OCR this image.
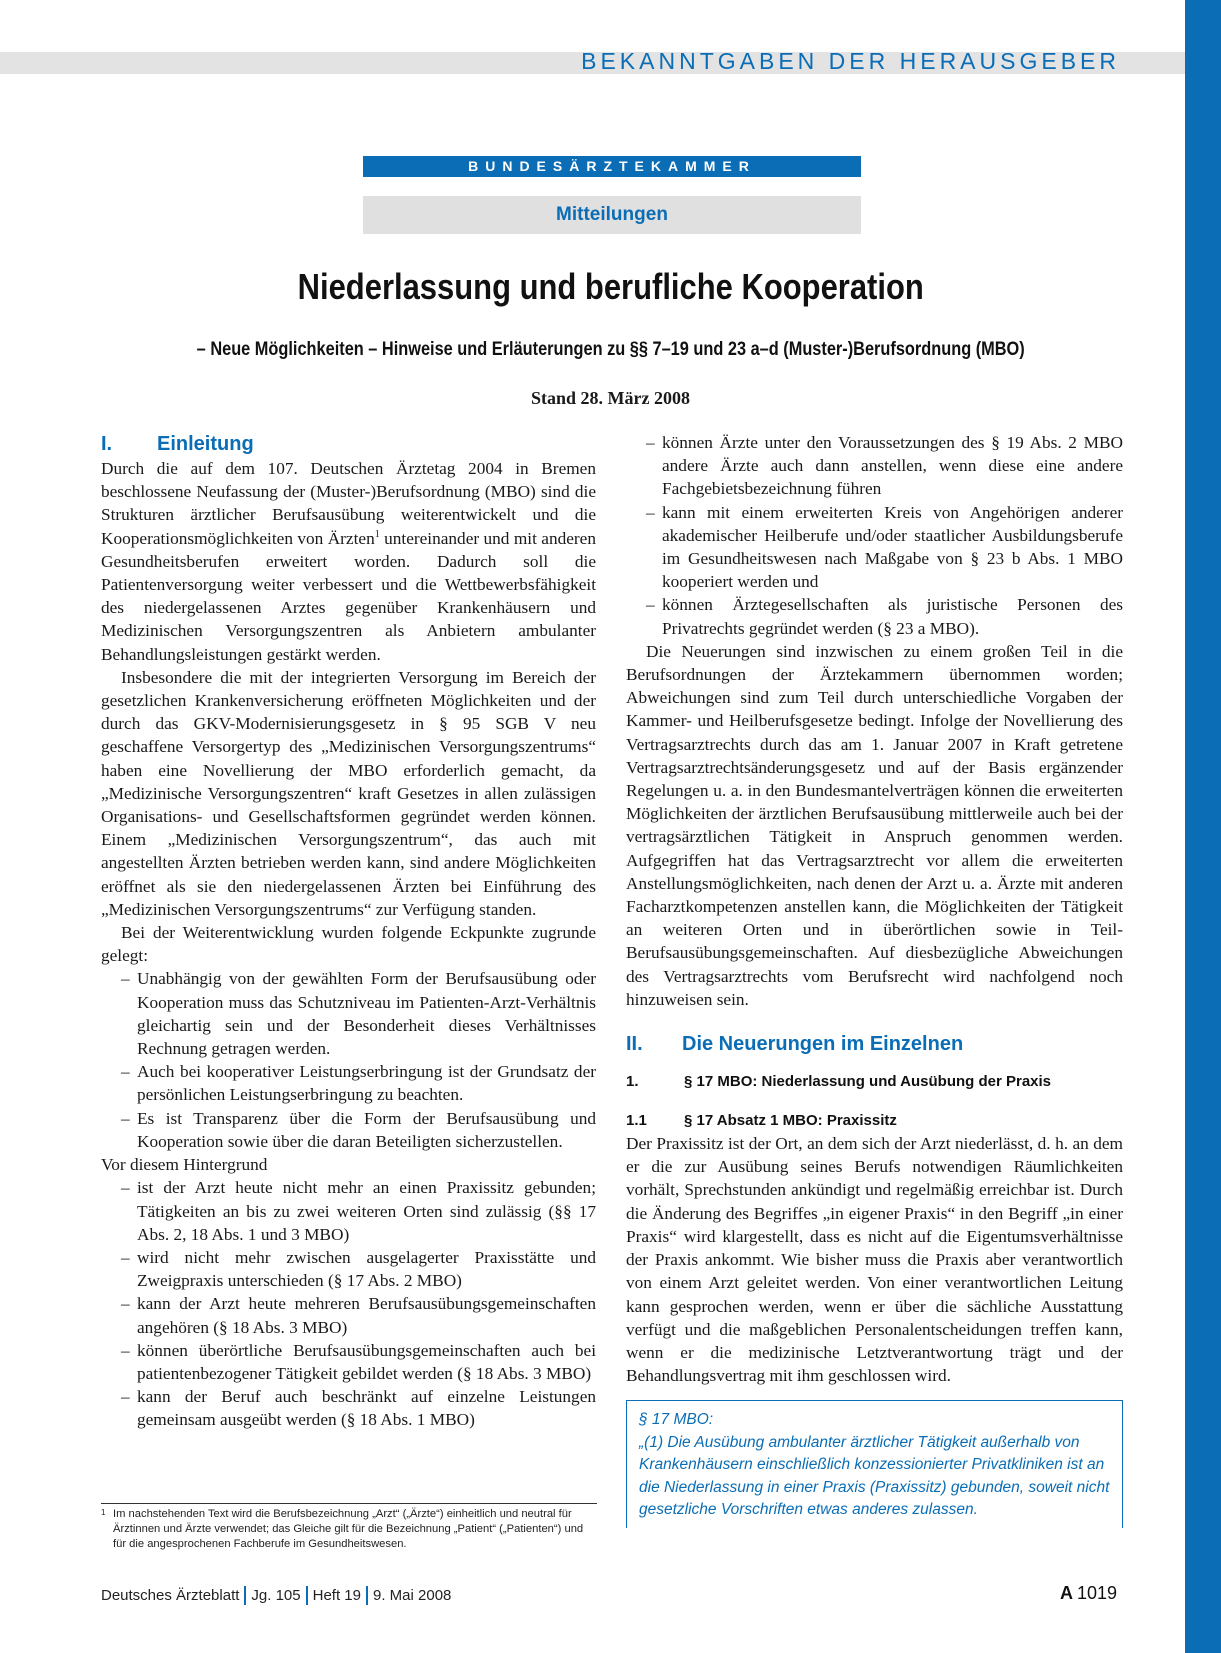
BEKANNTGABEN DER HERAUSGEBER
BUNDESÄRZTEKAMMER
Mitteilungen
Niederlassung und berufliche Kooperation
– Neue Möglichkeiten – Hinweise und Erläuterungen zu §§ 7–19 und 23 a–d (Muster-)Berufsordnung (MBO)
Stand 28. März 2008
I.	Einleitung

Durch die auf dem 107. Deutschen Ärztetag 2004 in Bremen beschlossene Neufassung der (Muster-)Berufsordnung (MBO) sind die Strukturen ärztlicher Berufsausübung weiterentwickelt und die Kooperationsmöglichkeiten von Ärzten$^1$ untereinander und mit anderen Gesundheitsberufen erweitert worden. Dadurch soll die Patientenversorgung weiter verbessert und die Wettbewerbsfähigkeit des niedergelassenen Arztes gegenüber Krankenhäusern und Medizinischen Versorgungszentren als Anbietern ambulanter Behandlungsleistungen gestärkt werden.

Insbesondere die mit der integrierten Versorgung im Bereich der gesetzlichen Krankenversicherung eröffneten Möglichkeiten und der durch das GKV-Modernisierungsgesetz in § 95 SGB V neu geschaffene Versorgertyp des „Medizinischen Versorgungszentrums“ haben eine Novellierung der MBO erforderlich gemacht, da „Medizinische Versorgungszentren“ kraft Gesetzes in allen zulässigen Organisations- und Gesellschaftsformen gegründet werden können. Einem „Medizinischen Versorgungszentrum“, das auch mit angestellten Ärzten betrieben werden kann, sind andere Möglichkeiten eröffnet als sie den niedergelassenen Ärzten bei Einführung des „Medizinischen Versorgungszentrums“ zur Verfügung standen.

Bei der Weiterentwicklung wurden folgende Eckpunkte zugrunde gelegt:

– Unabhängig von der gewählten Form der Berufsausübung oder Kooperation muss das Schutzniveau im Patienten-Arzt-Verhältnis gleichartig sein und der Besonderheit dieses Verhältnisses Rechnung getragen werden.
– Auch bei kooperativer Leistungserbringung ist der Grundsatz der persönlichen Leistungserbringung zu beachten.
– Es ist Transparenz über die Form der Berufsausübung und Kooperation sowie über die daran Beteiligten sicherzustellen.

Vor diesem Hintergrund

– ist der Arzt heute nicht mehr an einen Praxissitz gebunden; Tätigkeiten an bis zu zwei weiteren Orten sind zulässig (§§ 17 Abs. 2, 18 Abs. 1 und 3 MBO)
– wird nicht mehr zwischen ausgelagerter Praxisstätte und Zweigpraxis unterschieden (§ 17 Abs. 2 MBO)
– kann der Arzt heute mehreren Berufsausübungsgemeinschaften angehören (§ 18 Abs. 3 MBO)
– können überörtliche Berufsausübungsgemeinschaften auch bei patientenbezogener Tätigkeit gebildet werden (§ 18 Abs. 3 MBO)
– kann der Beruf auch beschränkt auf einzelne Leistungen gemeinsam ausgeübt werden (§ 18 Abs. 1 MBO)
– können Ärzte unter den Voraussetzungen des § 19 Abs. 2 MBO andere Ärzte auch dann anstellen, wenn diese eine andere Fachgebietsbezeichnung führen
– kann mit einem erweiterten Kreis von Angehörigen anderer akademischer Heilberufe und/oder staatlicher Ausbildungsberufe im Gesundheitswesen nach Maßgabe von § 23 b Abs. 1 MBO kooperiert werden und
– können Ärztegesellschaften als juristische Personen des Privatrechts gegründet werden (§ 23 a MBO).

Die Neuerungen sind inzwischen zu einem großen Teil in die Berufsordnungen der Ärztekammern übernommen worden; Abweichungen sind zum Teil durch unterschiedliche Vorgaben der Kammer- und Heilberufsgesetze bedingt. Infolge der Novellierung des Vertragsarztrechts durch das am 1. Januar 2007 in Kraft getretene Vertragsarztrechtsänderungsgesetz und auf der Basis ergänzender Regelungen u. a. in den Bundesmantelverträgen können die erweiterten Möglichkeiten der ärztlichen Berufsausübung mittlerweile auch bei der vertragsärztlichen Tätigkeit in Anspruch genommen werden. Aufgegriffen hat das Vertragsarztrecht vor allem die erweiterten Anstellungsmöglichkeiten, nach denen der Arzt u. a. Ärzte mit anderen Facharztkompetenzen anstellen kann, die Möglichkeiten der Tätigkeit an weiteren Orten und in überörtlichen sowie in Teil-Berufsausübungsgemeinschaften. Auf diesbezügliche Abweichungen des Vertragsarztrechts vom Berufsrecht wird nachfolgend noch hinzuweisen sein.

II.	Die Neuerungen im Einzelnen
1.	§ 17 MBO: Niederlassung und Ausübung der Praxis
1.1	§ 17 Absatz 1 MBO: Praxissitz

Der Praxissitz ist der Ort, an dem sich der Arzt niederlässt, d. h. an dem er die zur Ausübung seines Berufs notwendigen Räumlichkeiten vorhält, Sprechstunden ankündigt und regelmäßig erreichbar ist. Durch die Änderung des Begriffes „in eigener Praxis“ in den Begriff „in einer Praxis“ wird klargestellt, dass es nicht auf die Eigentumsverhältnisse der Praxis ankommt. Wie bisher muss die Praxis aber verantwortlich von einem Arzt geleitet werden. Von einer verantwortlichen Leitung kann gesprochen werden, wenn er über die sächliche Ausstattung verfügt und die maßgeblichen Personalentscheidungen treffen kann, wenn er die medizinische Letztverantwortung trägt und der Behandlungsvertrag mit ihm geschlossen wird.

§ 17 MBO:
„(1) Die Ausübung ambulanter ärztlicher Tätigkeit außerhalb von Krankenhäusern einschließlich konzessionierter Privatkliniken ist an die Niederlassung in einer Praxis (Praxissitz) gebunden, soweit nicht gesetzliche Vorschriften etwas anderes zulassen.
1 Im nachstehenden Text wird die Berufsbezeichnung „Arzt“ („Ärzte“) einheitlich und neutral für Ärztinnen und Ärzte verwendet; das Gleiche gilt für die Bezeichnung „Patient“ („Patienten“) und für die angesprochenen Fachberufe im Gesundheitswesen.
Deutsches Ärzteblatt Jg. 105 Heft 19 9. Mai 2008	A 1019
